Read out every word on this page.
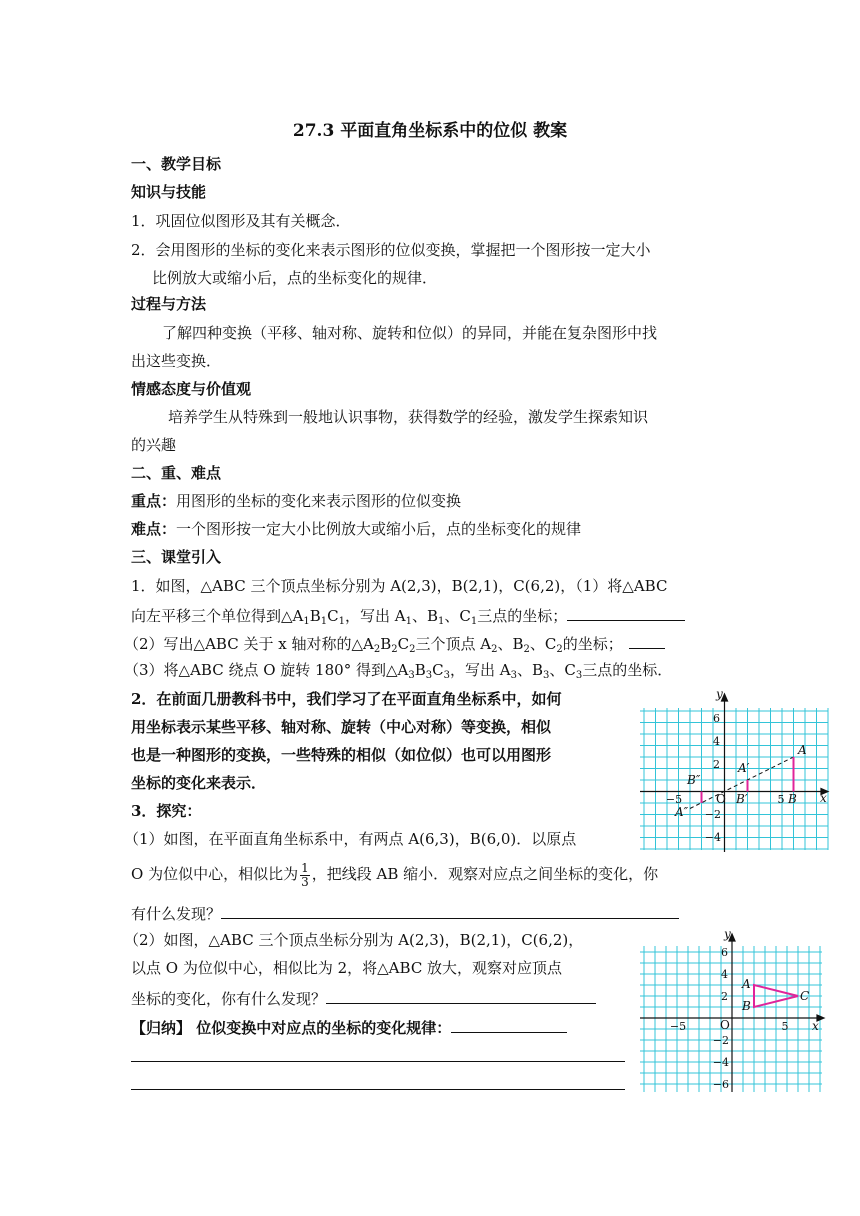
27.3 平面直角坐标系中的位似 教案
一、教学目标
知识与技能
1．巩固位似图形及其有关概念．
2．会用图形的坐标的变化来表示图形的位似变换，掌握把一个图形按一定大小
比例放大或缩小后，点的坐标变化的规律．
过程与方法
了解四种变换（平移、轴对称、旋转和位似）的异同，并能在复杂图形中找
出这些变换．
情感态度与价值观
培养学生从特殊到一般地认识事物，获得数学的经验，激发学生探索知识
的兴趣
二、重、难点
重点：用图形的坐标的变化来表示图形的位似变换
难点：一个图形按一定大小比例放大或缩小后，点的坐标变化的规律
三、课堂引入
1．如图，△ABC 三个顶点坐标分别为 A(2,3)，B(2,1)，C(6,2)，（1）将△ABC
向左平移三个单位得到$\triangle A_1B_1C_1$，写出 $A_1$、$B_1$、$C_1$三点的坐标；
（2）写出△ABC 关于 x 轴对称的$\triangle A_2B_2C_2$三个顶点 $A_2$、$B_2$、$C_2$的坐标；
（3）将△ABC 绕点 O 旋转 180° 得到$\triangle A_3B_3C_3$，写出 $A_3$、$B_3$、$C_3$三点的坐标．
2．在前面几册教科书中，我们学习了在平面直角坐标系中，如何
用坐标表示某些平移、轴对称、旋转（中心对称）等变换，相似
也是一种图形的变换，一些特殊的相似（如位似）也可以用图形
坐标的变化来表示．
3．探究：
（1）如图，在平面直角坐标系中，有两点 A(6,3)，B(6,0)．以原点
O 为位似中心，相似比为 $\frac{1}{3}$ ，把线段 AB 缩小．观察对应点之间坐标的变化，你
有什么发现？
（2）如图，△ABC 三个顶点坐标分别为 A(2,3)，B(2,1)，C(6,2)，
以点 O 为位似中心，相似比为 2，将△ABC 放大，观察对应顶点
坐标的变化，你有什么发现？
【归纳】 位似变换中对应点的坐标的变化规律：
y
x
O
A
B
A′
B′
A″
B″
6
4
2
−2
−4
−5	5
y
x
O
A
B
C
6
4
2
−2
−4
−6
−5	5
